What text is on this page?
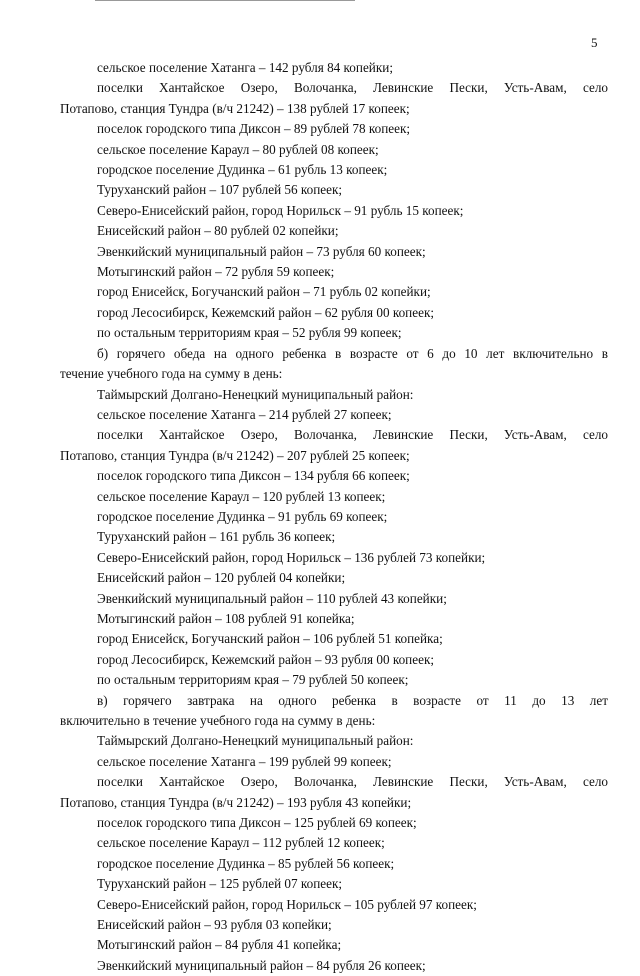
5
сельское поселение Хатанга – 142 рубля 84 копейки;
поселки Хантайское Озеро, Волочанка, Левинские Пески, Усть-Авам, село
Потапово, станция Тундра (в/ч 21242) – 138 рублей 17 копеек;
поселок городского типа Диксон – 89 рублей 78 копеек;
сельское поселение Караул – 80 рублей 08 копеек;
городское поселение Дудинка – 61 рубль 13 копеек;
Туруханский район – 107 рублей 56 копеек;
Северо-Енисейский район, город Норильск – 91 рубль 15 копеек;
Енисейский район – 80 рублей 02 копейки;
Эвенкийский муниципальный район – 73 рубля 60 копеек;
Мотыгинский район – 72 рубля 59 копеек;
город Енисейск, Богучанский район – 71 рубль 02 копейки;
город Лесосибирск, Кежемский район – 62 рубля 00 копеек;
по остальным территориям края – 52 рубля 99 копеек;
б) горячего обеда на одного ребенка в возрасте от 6 до 10 лет включительно в
течение учебного года на сумму в день:
Таймырский Долгано-Ненецкий муниципальный район:
сельское поселение Хатанга – 214 рублей 27 копеек;
поселки Хантайское Озеро, Волочанка, Левинские Пески, Усть-Авам, село
Потапово, станция Тундра (в/ч 21242) – 207 рублей 25 копеек;
поселок городского типа Диксон – 134 рубля 66 копеек;
сельское поселение Караул – 120 рублей 13 копеек;
городское поселение Дудинка – 91 рубль 69 копеек;
Туруханский район – 161 рубль 36 копеек;
Северо-Енисейский район, город Норильск – 136 рублей 73 копейки;
Енисейский район – 120 рублей 04 копейки;
Эвенкийский муниципальный район – 110 рублей 43 копейки;
Мотыгинский район – 108 рублей 91 копейка;
город Енисейск, Богучанский район – 106 рублей 51 копейка;
город Лесосибирск, Кежемский район – 93 рубля 00 копеек;
по остальным территориям края – 79 рублей 50 копеек;
в) горячего завтрака на одного ребенка в возрасте от 11 до 13 лет
включительно в течение учебного года на сумму в день:
Таймырский Долгано-Ненецкий муниципальный район:
сельское поселение Хатанга – 199 рублей 99 копеек;
поселки Хантайское Озеро, Волочанка, Левинские Пески, Усть-Авам, село
Потапово, станция Тундра (в/ч 21242) – 193 рубля 43 копейки;
поселок городского типа Диксон – 125 рублей 69 копеек;
сельское поселение Караул – 112 рублей 12 копеек;
городское поселение Дудинка – 85 рублей 56 копеек;
Туруханский район – 125 рублей 07 копеек;
Северо-Енисейский район, город Норильск – 105 рублей 97 копеек;
Енисейский район – 93 рубля 03 копейки;
Мотыгинский район – 84 рубля 41 копейка;
Эвенкийский муниципальный район – 84 рубля 26 копеек;
